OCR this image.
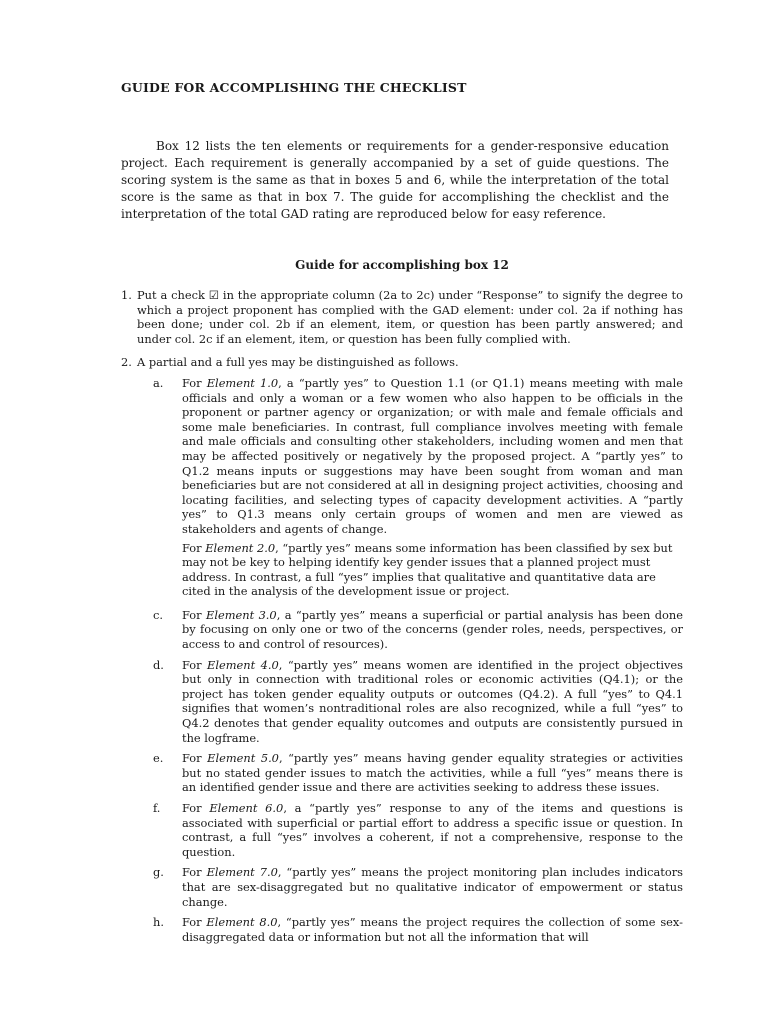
GUIDE FOR ACCOMPLISHING THE CHECKLIST

Box 12 lists the ten elements or requirements for a gender-responsive education project. Each requirement is generally accompanied by a set of guide questions. The scoring system is the same as that in boxes 5 and 6, while the interpretation of the total score is the same as that in box 7. The guide for accomplishing the checklist and the interpretation of the total GAD rating are reproduced below for easy reference.

Guide for accomplishing box 12
1. Put a check ☑ in the appropriate column (2a to 2c) under “Response” to signify the degree to which a project proponent has complied with the GAD element: under col. 2a if nothing has been done; under col. 2b if an element, item, or question has been partly answered; and under col. 2c if an element, item, or question has been fully complied with.
2. A partial and a full yes may be distinguished as follows.
a. For Element 1.0, a “partly yes” to Question 1.1 (or Q1.1) means meeting with male officials and only a woman or a few women who also happen to be officials in the proponent or partner agency or organization; or with male and female officials and some male beneficiaries. In contrast, full compliance involves meeting with female and male officials and consulting other stakeholders, including women and men that may be affected positively or negatively by the proposed project. A “partly yes” to Q1.2 means inputs or suggestions may have been sought from woman and man beneficiaries but are not considered at all in designing project activities, choosing and locating facilities, and selecting types of capacity development activities. A “partly yes” to Q1.3 means only certain groups of women and men are viewed as stakeholders and agents of change.
For Element 2.0, “partly yes” means some information has been classified by sex but may not be key to helping identify key gender issues that a planned project must address. In contrast, a full “yes” implies that qualitative and quantitative data are cited in the analysis of the development issue or project.
c. For Element 3.0, a “partly yes” means a superficial or partial analysis has been done by focusing on only one or two of the concerns (gender roles, needs, perspectives, or access to and control of resources).
d. For Element 4.0, “partly yes” means women are identified in the project objectives but only in connection with traditional roles or economic activities (Q4.1); or the project has token gender equality outputs or outcomes (Q4.2). A full “yes” to Q4.1 signifies that women’s nontraditional roles are also recognized, while a full “yes” to Q4.2 denotes that gender equality outcomes and outputs are consistently pursued in the logframe.
e. For Element 5.0, “partly yes” means having gender equality strategies or activities but no stated gender issues to match the activities, while a full “yes” means there is an identified gender issue and there are activities seeking to address these issues.
f. For Element 6.0, a “partly yes” response to any of the items and questions is associated with superficial or partial effort to address a specific issue or question. In contrast, a full “yes” involves a coherent, if not a comprehensive, response to the question.
g. For Element 7.0, “partly yes” means the project monitoring plan includes indicators that are sex-disaggregated but no qualitative indicator of empowerment or status change.
h. For Element 8.0, “partly yes” means the project requires the collection of some sex- disaggregated data or information but not all the information that will
